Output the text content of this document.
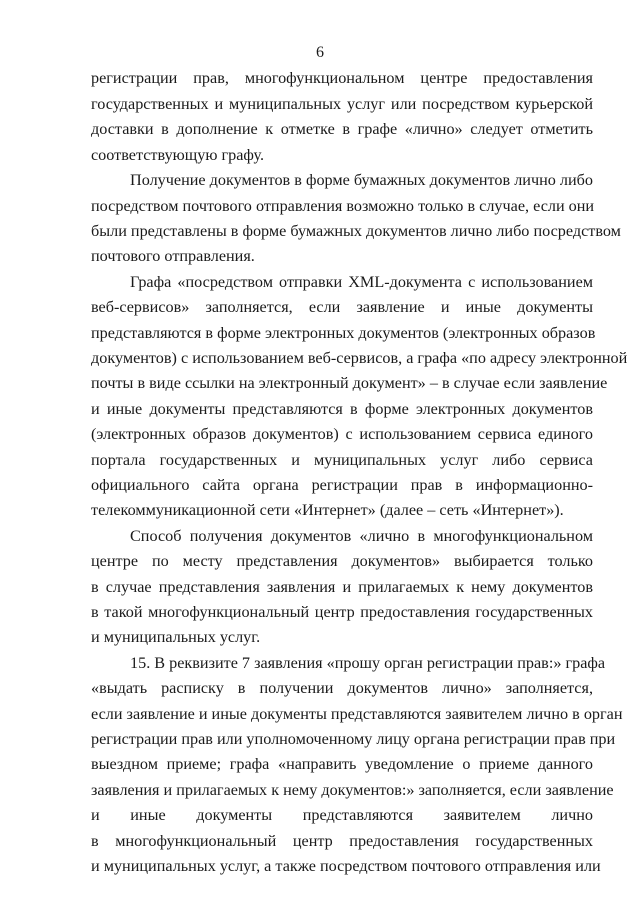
6
регистрации прав, многофункциональном центре предоставления
государственных и муниципальных услуг или посредством курьерской
доставки в дополнение к отметке в графе «лично» следует отметить
соответствующую графу.
Получение документов в форме бумажных документов лично либо
посредством почтового отправления возможно только в случае, если они
были представлены в форме бумажных документов лично либо посредством
почтового отправления.
Графа «посредством отправки XML-документа с использованием
веб-сервисов» заполняется, если заявление и иные документы
представляются в форме электронных документов (электронных образов
документов) с использованием веб-сервисов, а графа «по адресу электронной
почты в виде ссылки на электронный документ» – в случае если заявление
и иные документы представляются в форме электронных документов
(электронных образов документов) с использованием сервиса единого
портала государственных и муниципальных услуг либо сервиса
официального сайта органа регистрации прав в информационно-
телекоммуникационной сети «Интернет» (далее – сеть «Интернет»).
Способ получения документов «лично в многофункциональном
центре по месту представления документов» выбирается только
в случае представления заявления и прилагаемых к нему документов
в такой многофункциональный центр предоставления государственных
и муниципальных услуг.
15. В реквизите 7 заявления «прошу орган регистрации прав:» графа
«выдать расписку в получении документов лично» заполняется,
если заявление и иные документы представляются заявителем лично в орган
регистрации прав или уполномоченному лицу органа регистрации прав при
выездном приеме; графа «направить уведомление о приеме данного
заявления и прилагаемых к нему документов:» заполняется, если заявление
и иные документы представляются заявителем лично
в многофункциональный центр предоставления государственных
и муниципальных услуг, а также посредством почтового отправления или
